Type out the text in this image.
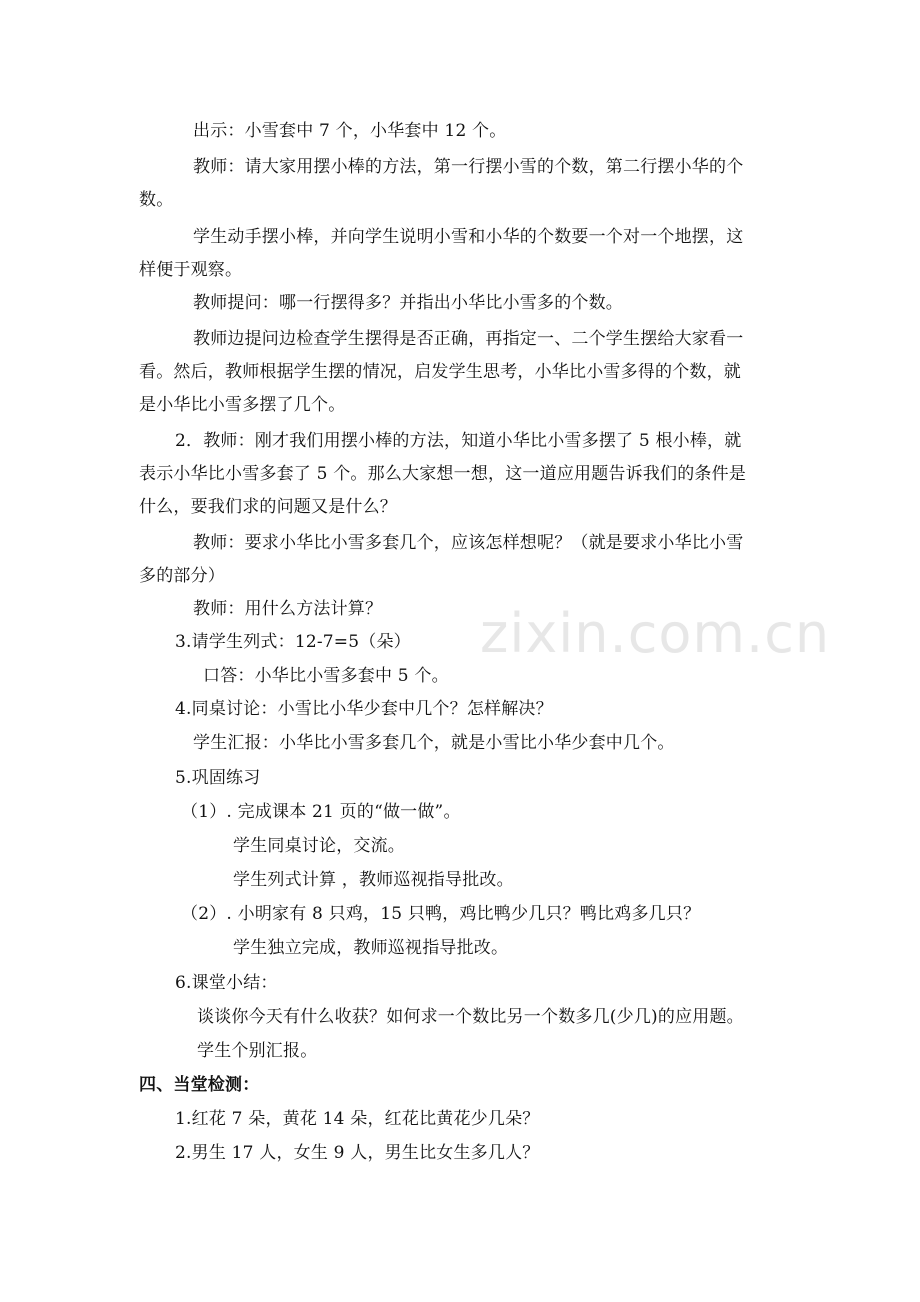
出示：小雪套中 7 个，小华套中 12 个。
教师：请大家用摆小棒的方法，第一行摆小雪的个数，第二行摆小华的个
数。
学生动手摆小棒，并向学生说明小雪和小华的个数要一个对一个地摆，这
样便于观察。
教师提问：哪一行摆得多？并指出小华比小雪多的个数。
教师边提问边检查学生摆得是否正确，再指定一、二个学生摆给大家看一
看。然后，教师根据学生摆的情况，启发学生思考，小华比小雪多得的个数，就
是小华比小雪多摆了几个。
2．教师：刚才我们用摆小棒的方法，知道小华比小雪多摆了 5 根小棒，就
表示小华比小雪多套了 5 个。那么大家想一想，这一道应用题告诉我们的条件是
什么，要我们求的问题又是什么？
教师：要求小华比小雪多套几个，应该怎样想呢？（就是要求小华比小雪
多的部分）
教师：用什么方法计算？
3.请学生列式：12-7=5（朵）
口答：小华比小雪多套中 5 个。
4.同桌讨论：小雪比小华少套中几个？怎样解决？
学生汇报：小华比小雪多套几个，就是小雪比小华少套中几个。
5.巩固练习
（1）. 完成课本 21 页的“做一做”。
学生同桌讨论，交流。
学生列式计算 ，教师巡视指导批改。
（2）. 小明家有 8 只鸡，15 只鸭，鸡比鸭少几只？鸭比鸡多几只？
学生独立完成，教师巡视指导批改。
6.课堂小结：
谈谈你今天有什么收获？如何求一个数比另一个数多几(少几)的应用题。
学生个别汇报。
四、当堂检测：
1.红花 7 朵，黄花 14 朵，红花比黄花少几朵？
2.男生 17 人，女生 9 人，男生比女生多几人？
zixin.com.cn
